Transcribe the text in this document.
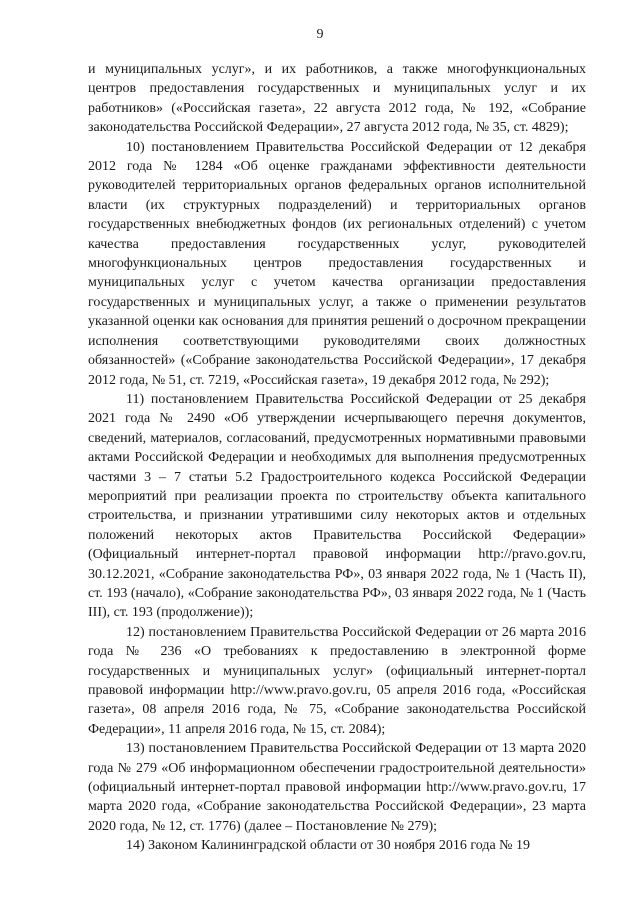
9

и муниципальных услуг», и их работников, а также многофункциональных центров предоставления государственных и муниципальных услуг и их работников» («Российская газета», 22 августа 2012 года, № 192, «Собрание законодательства Российской Федерации», 27 августа 2012 года, № 35, ст. 4829);

10) постановлением Правительства Российской Федерации от 12 декабря 2012 года № 1284 «Об оценке гражданами эффективности деятельности руководителей территориальных органов федеральных органов исполнительной власти (их структурных подразделений) и территориальных органов государственных внебюджетных фондов (их региональных отделений) с учетом качества предоставления государственных услуг, руководителей многофункциональных центров предоставления государственных и муниципальных услуг с учетом качества организации предоставления государственных и муниципальных услуг, а также о применении результатов указанной оценки как основания для принятия решений о досрочном прекращении исполнения соответствующими руководителями своих должностных обязанностей» («Собрание законодательства Российской Федерации», 17 декабря 2012 года, № 51, ст. 7219, «Российская газета», 19 декабря 2012 года, № 292);

11) постановлением Правительства Российской Федерации от 25 декабря 2021 года № 2490 «Об утверждении исчерпывающего перечня документов, сведений, материалов, согласований, предусмотренных нормативными правовыми актами Российской Федерации и необходимых для выполнения предусмотренных частями 3 – 7 статьи 5.2 Градостроительного кодекса Российской Федерации мероприятий при реализации проекта по строительству объекта капитального строительства, и признании утратившими силу некоторых актов и отдельных положений некоторых актов Правительства Российской Федерации» (Официальный интернет-портал правовой информации http://pravo.gov.ru, 30.12.2021, «Собрание законодательства РФ», 03 января 2022 года, № 1 (Часть II), ст. 193 (начало), «Собрание законодательства РФ», 03 января 2022 года, № 1 (Часть III), ст. 193 (продолжение));

12) постановлением Правительства Российской Федерации от 26 марта 2016 года № 236 «О требованиях к предоставлению в электронной форме государственных и муниципальных услуг» (официальный интернет-портал правовой информации http://www.pravo.gov.ru, 05 апреля 2016 года, «Российская газета», 08 апреля 2016 года, № 75, «Собрание законодательства Российской Федерации», 11 апреля 2016 года, № 15, ст. 2084);

13) постановлением Правительства Российской Федерации от 13 марта 2020 года № 279 «Об информационном обеспечении градостроительной деятельности» (официальный интернет-портал правовой информации http://www.pravo.gov.ru, 17 марта 2020 года, «Собрание законодательства Российской Федерации», 23 марта 2020 года, № 12, ст. 1776) (далее – Постановление № 279);

14) Законом Калининградской области от 30 ноября 2016 года № 19
